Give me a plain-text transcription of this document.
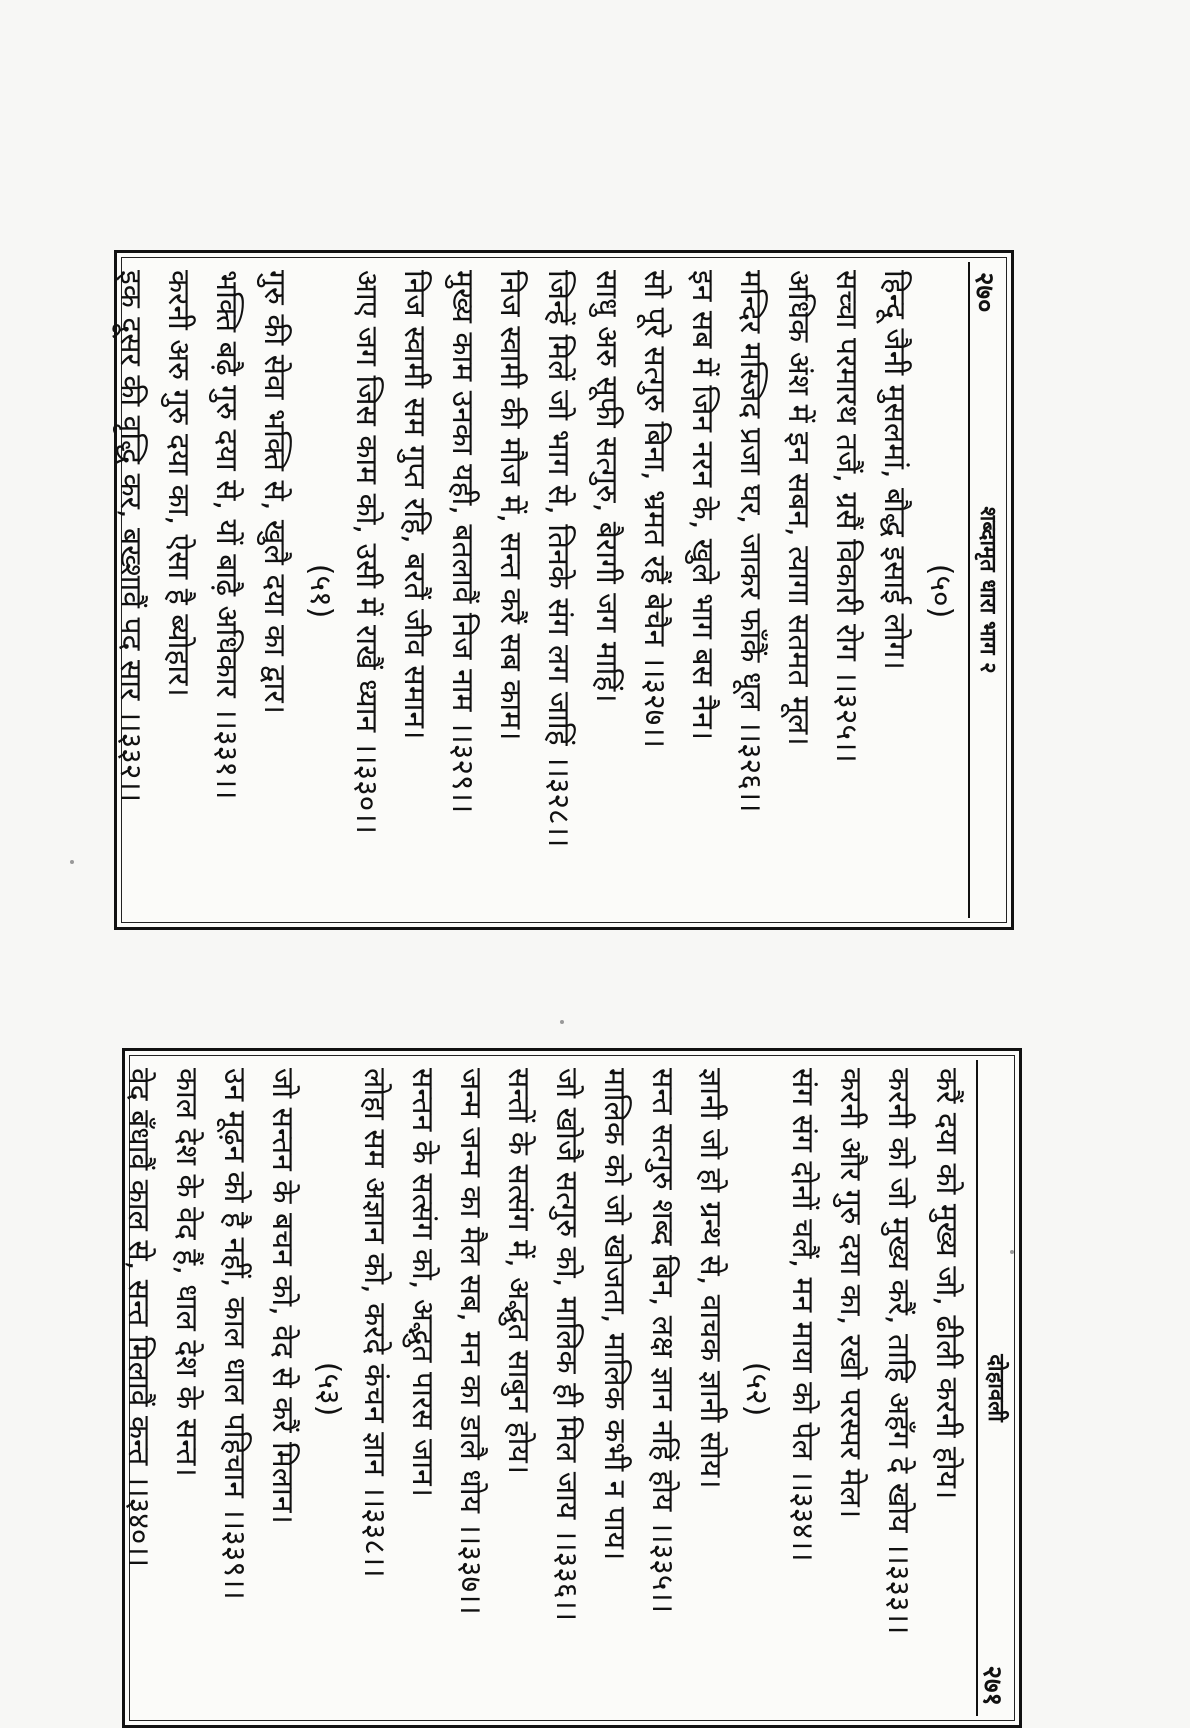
२७०
शब्दामृत धारा भाग २
(५०)
हिन्दू जैनी मुसलमां, बौद्ध इसाई लोग।
सच्चा परमारथ तजैं, ग्रसैं विकारी रोग ।।३२५।।
अधिक अंश में इन सबन, त्यागा सतमत मूल।
मन्दिर मस्जिद प्रजा घर, जाकर फाँकैं धूल ।।३२६।।
इन सब में जिन नरन के, खुले भाग बस नैन।
सो पूरे सत्गुरु बिना, भ्रमत रहैं बेचैन ।।३२७।।
साधु अरु सूफी सत्गुरु, बैरागी जग माहिं।
जिन्हें मिलें जो भाग से, तिनके संग लग जाहिं ।।३२८।।
निज स्वामी की मौज में, सन्त करैं सब काम।
मुख्य काम उनका यही, बतलावैं निज नाम ।।३२९।।
निज स्वामी सम गुप्त रहि, बरतैं जीव समान।
आए जग जिस काम को, उसी में राखैं ध्यान ।।३३०।।
(५१)
गुरु की सेवा भक्ति से, खुलै दया का द्वार।
भक्ति बढ़ै गुरु दया से, यों बाढ़ै अधिकार ।।३३१।।
करनी अरु गुरु दया का, ऐसा है ब्योहार।
इक दूसर की वृद्धि कर, बख्शावैं पद सार ।।३३२।।
दोहावली
२७१
करैं दया को मुख्य जो, ढीली करनी होय।
करनी को जो मुख्य करैं, ताहि अहँग दे खोय ।।३३३।।
करनी और गुरु दया का, रखो परस्पर मेल।
संग संग दोनों चलैं, मन माया को पेल ।।३३४।।
(५२)
ज्ञानी जो हो ग्रन्थ से, वाचक ज्ञानी सोय।
सन्त सत्गुरु शब्द बिन, लक्ष ज्ञान नहिं होय ।।३३५।।
मालिक को जो खोजता, मालिक कभी न पाय।
जो खोजै सत्गुरु को, मालिक ही मिल जाय ।।३३६।।
सन्तों के सत्संग में, अद्भुत साबुन होय।
जन्म जन्म का मैल सब, मन का डालै धोय ।।३३७।।
सन्तन के सत्संग को, अद्भुत पारस जान।
लोहा सम अज्ञान को, करदे कंचन ज्ञान ।।३३८।।
(५३)
जो सन्तन के बचन को, वेद से करैं मिलान।
उन मूढ़न को है नहीं, काल धाल पहिचान ।।३३९।।
काल देश के वेद हैं, धाल देश के सन्त।
वेद बँधावैं काल से, सन्त मिलावैं कन्त ।।३४०।।
